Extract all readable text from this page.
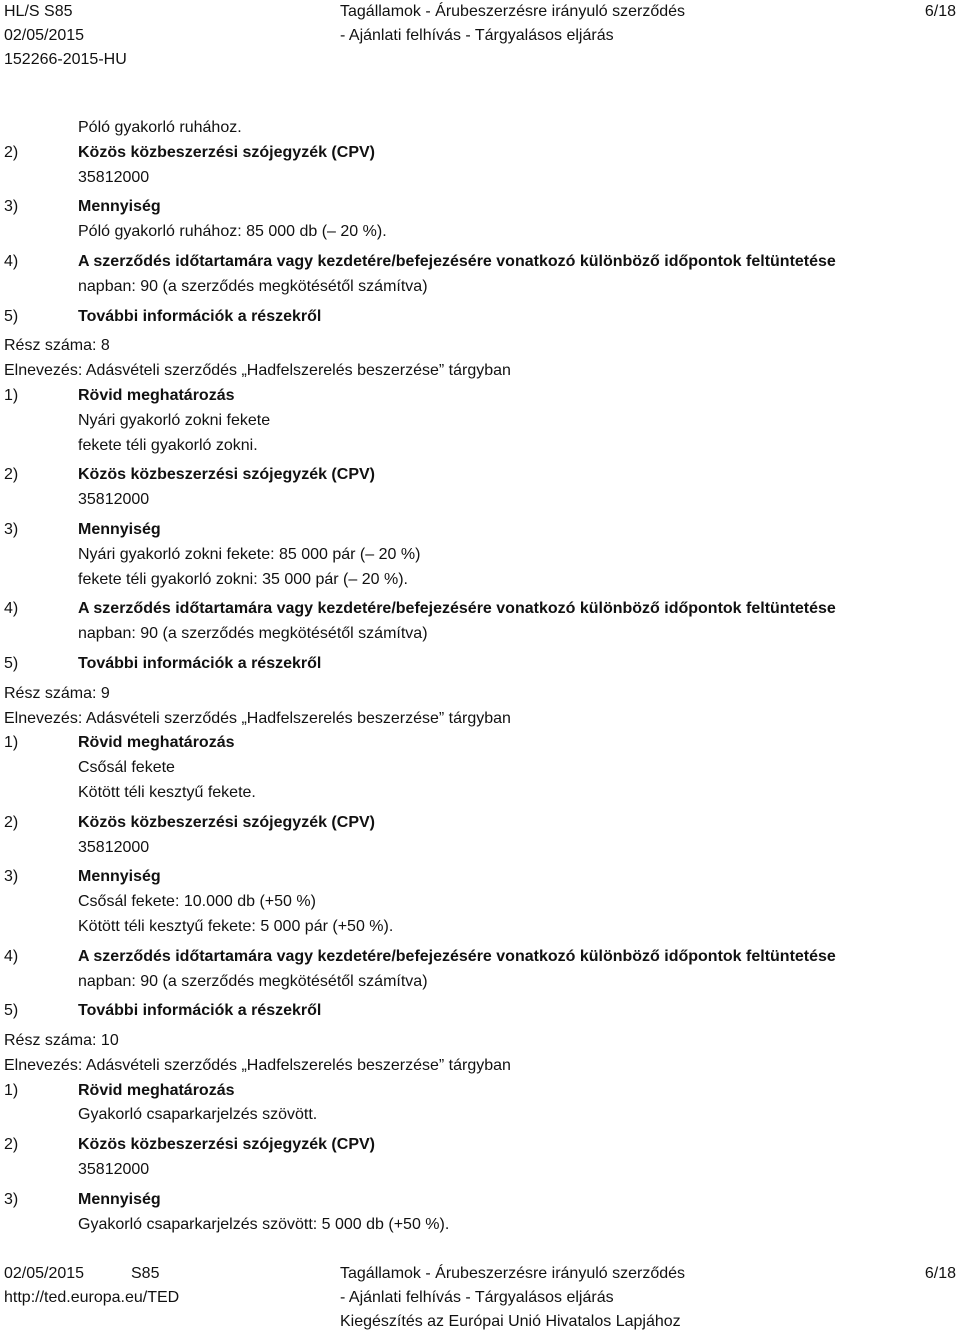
HL/S S85
02/05/2015
152266-2015-HU
Tagállamok - Árubeszerzésre irányuló szerződés
- Ajánlati felhívás - Tárgyalásos eljárás
6/18
Póló gyakorló ruhához.
2)	Közös közbeszerzési szójegyzék (CPV)
35812000
3)	Mennyiség
Póló gyakorló ruhához: 85 000 db (– 20 %).
4)	A szerződés időtartamára vagy kezdetére/befejezésére vonatkozó különböző időpontok feltüntetése
napban: 90 (a szerződés megkötésétől számítva)
5)	További információk a részekről
Rész száma: 8
Elnevezés: Adásvételi szerződés „Hadfelszerelés beszerzése” tárgyban
1)	Rövid meghatározás
Nyári gyakorló zokni fekete
fekete téli gyakorló zokni.
2)	Közös közbeszerzési szójegyzék (CPV)
35812000
3)	Mennyiség
Nyári gyakorló zokni fekete: 85 000 pár (– 20 %)
fekete téli gyakorló zokni: 35 000 pár (– 20 %).
4)	A szerződés időtartamára vagy kezdetére/befejezésére vonatkozó különböző időpontok feltüntetése
napban: 90 (a szerződés megkötésétől számítva)
5)	További információk a részekről
Rész száma: 9
Elnevezés: Adásvételi szerződés „Hadfelszerelés beszerzése” tárgyban
1)	Rövid meghatározás
Csősál fekete
Kötött téli kesztyű fekete.
2)	Közös közbeszerzési szójegyzék (CPV)
35812000
3)	Mennyiség
Csősál fekete: 10.000 db (+50 %)
Kötött téli kesztyű fekete: 5 000 pár (+50 %).
4)	A szerződés időtartamára vagy kezdetére/befejezésére vonatkozó különböző időpontok feltüntetése
napban: 90 (a szerződés megkötésétől számítva)
5)	További információk a részekről
Rész száma: 10
Elnevezés: Adásvételi szerződés „Hadfelszerelés beszerzése” tárgyban
1)	Rövid meghatározás
Gyakorló csaparkarjelzés szövött.
2)	Közös közbeszerzési szójegyzék (CPV)
35812000
3)	Mennyiség
Gyakorló csaparkarjelzés szövött: 5 000 db (+50 %).
02/05/2015	S85
http://ted.europa.eu/TED
Tagállamok - Árubeszerzésre irányuló szerződés
- Ajánlati felhívás - Tárgyalásos eljárás
Kiegészítés az Európai Unió Hivatalos Lapjához
6/18
